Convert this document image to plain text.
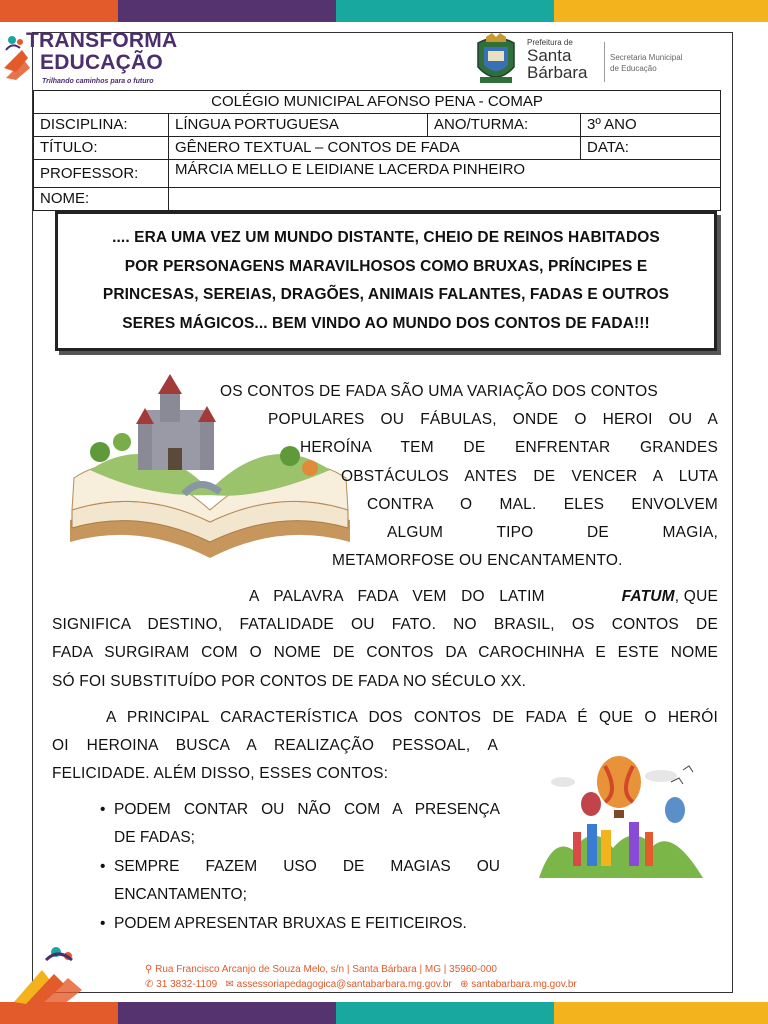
TRANSFORMA
EDUCAÇÃO
Trilhando caminhos para o futuro
Prefeitura de
Santa
Bárbara
Secretaria Municipal
de Educação
COLÉGIO MUNICIPAL AFONSO PENA - COMAP			
DISCIPLINA:	LÍNGUA PORTUGUESA	ANO/TURMA:	3º ANO
TÍTULO:	GÊNERO TEXTUAL – CONTOS DE FADA		DATA:
PROFESSOR:	MÁRCIA MELLO E LEIDIANE LACERDA PINHEIRO		
NOME:			

.... ERA UMA VEZ UM MUNDO DISTANTE, CHEIO DE REINOS HABITADOS

POR PERSONAGENS MARAVILHOSOS COMO BRUXAS, PRÍNCIPES E

PRINCESAS, SEREIAS, DRAGÕES, ANIMAIS FALANTES, FADAS E OUTROS

SERES MÁGICOS... BEM VINDO AO MUNDO DOS CONTOS DE FADA!!!

OS CONTOS DE FADA SÃO UMA VARIAÇÃO DOS CONTOS
POPULARES OU FÁBULAS, ONDE O HEROI OU A
HEROÍNA TEM DE ENFRENTAR GRANDES
OBSTÁCULOS ANTES DE VENCER A LUTA
CONTRA O MAL. ELES ENVOLVEM
ALGUM TIPO DE MAGIA,
METAMORFOSE OU ENCANTAMENTO.
A PALAVRA FADA VEM DO LATIM	FATUM, QUE
SIGNIFICA DESTINO, FATALIDADE OU FATO. NO BRASIL, OS CONTOS DE
FADA SURGIRAM COM O NOME DE CONTOS DA CAROCHINHA E ESTE NOME
SÓ FOI SUBSTITUÍDO POR CONTOS DE FADA NO SÉCULO XX.
A PRINCIPAL CARACTERÍSTICA DOS CONTOS DE FADA É QUE O HERÓI
OI HEROINA BUSCA A REALIZAÇÃO PESSOAL, A
FELICIDADE. ALÉM DISSO, ESSES CONTOS:
• PODEM CONTAR OU NÃO COM A PRESENÇA
DE FADAS;
• SEMPRE FAZEM USO DE MAGIAS OU
ENCANTAMENTO;
• PODEM APRESENTAR BRUXAS E FEITICEIROS.
⚲ Rua Francisco Arcanjo de Souza Melo, s/n | Santa Bárbara | MG | 35960-000
✆ 31 3832-1109 ✉ assessoriapedagogica@santabarbara.mg.gov.br ⊕ santabarbara.mg.gov.br
